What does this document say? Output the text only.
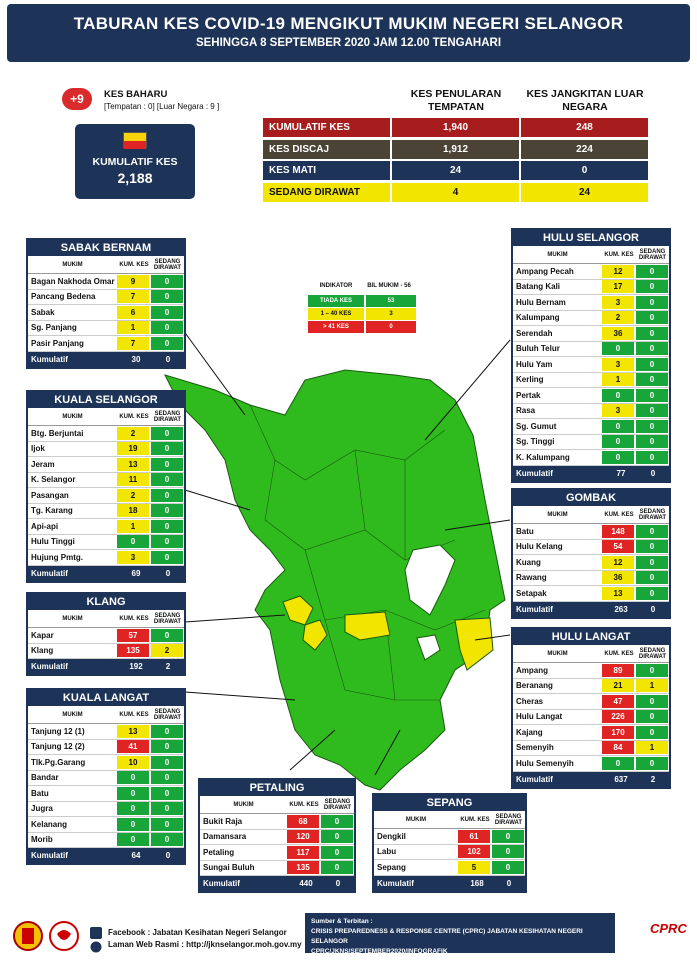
TABURAN KES COVID-19 MENGIKUT MUKIM NEGERI SELANGOR
SEHINGGA 8 SEPTEMBER 2020 JAM 12.00 TENGAHARI
+9	KES BAHARU
[Tempatan : 0] [Luar Negara : 9 ]
KUMULATIF KES
2,188
KES PENULARAN TEMPATAN
KES JANGKITAN LUAR NEGARA
KUMULATIF KES	1,940	248
KES DISCAJ	1,912	224
KES MATI	24	0
SEDANG DIRAWAT	4	24
INDIKATOR	BIL MUKIM - 56
TIADA KES	53
1 – 40 KES	3
> 41 KES	0
SABAK BERNAM
MUKIM	KUM. KES SEDANG DIRAWAT
Bagan Nakhoda Omar	9	0
Pancang Bedena	7	0
Sabak	6	0
Sg. Panjang	1	0
Pasir Panjang	7	0
Kumulatif	30	0
KUALA SELANGOR
MUKIM	KUM. KES SEDANG DIRAWAT
Btg. Berjuntai	2	0
Ijok	19	0
Jeram	13	0
K. Selangor	11	0
Pasangan	2	0
Tg. Karang	18	0
Api-api	1	0
Hulu Tinggi	0	0
Hujung Pmtg.	3	0
Kumulatif	69	0
KLANG
MUKIM	KUM. KES SEDANG DIRAWAT
Kapar	57	0
Klang	135	2
Kumulatif	192	2
KUALA LANGAT
MUKIM	KUM. KES SEDANG DIRAWAT
Tanjung 12 (1)	13	0
Tanjung 12 (2)	41	0
Tlk.Pg.Garang	10	0
Bandar	0	0
Batu	0	0
Jugra	0	0
Kelanang	0	0
Morib	0	0
Kumulatif	64	0
PETALING
MUKIM	KUM. KES SEDANG DIRAWAT
Bukit Raja	68	0
Damansara	120	0
Petaling	117	0
Sungai Buluh	135	0
Kumulatif	440	0
SEPANG
MUKIM	KUM. KES SEDANG DIRAWAT
Dengkil	61	0
Labu	102	0
Sepang	5	0
Kumulatif	168	0
HULU SELANGOR
MUKIM	KUM. KES SEDANG DIRAWAT
Ampang Pecah	12	0
Batang Kali	17	0
Hulu Bernam	3	0
Kalumpang	2	0
Serendah	36	0
Buluh Telur	0	0
Hulu Yam	3	0
Kerling	1	0
Pertak	0	0
Rasa	3	0
Sg. Gumut	0	0
Sg. Tinggi	0	0
K. Kalumpang	0	0
Kumulatif	77	0
GOMBAK
MUKIM	KUM. KES SEDANG DIRAWAT
Batu	148	0
Hulu Kelang	54	0
Kuang	12	0
Rawang	36	0
Setapak	13	0
Kumulatif	263	0
HULU LANGAT
MUKIM	KUM. KES SEDANG DIRAWAT
Ampang	89	0
Beranang	21	1
Cheras	47	0
Hulu Langat	226	0
Kajang	170	0
Semenyih	84	1
Hulu Semenyih	0	0
Kumulatif	637	2
Facebook : Jabatan Kesihatan Negeri Selangor
Laman Web Rasmi : http://jknselangor.moh.gov.my
Sumber & Terbitan :
CRISIS PREPAREDNESS & RESPONSE CENTRE (CPRC) JABATAN KESIHATAN NEGERI SELANGOR
CPRC/JKNS/SEPTEMBER2020/INFOGRAFIK
CPRC
